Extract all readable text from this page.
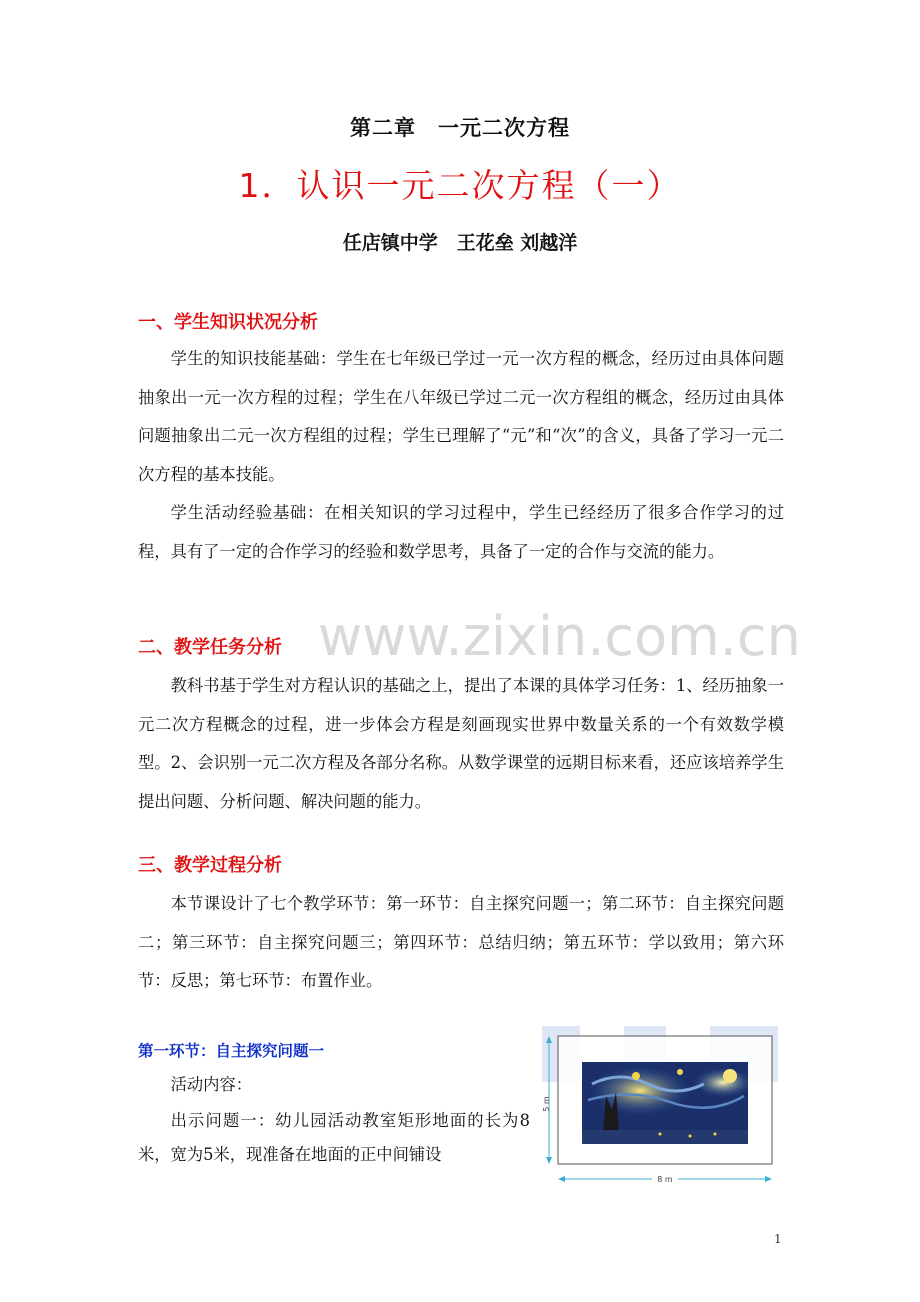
第二章　一元二次方程
1．认识一元二次方程（一）
任店镇中学　王花垒 刘越洋
一、学生知识状况分析
学生的知识技能基础：学生在七年级已学过一元一次方程的概念，经历过由具体问题抽象出一元一次方程的过程；学生在八年级已学过二元一次方程组的概念，经历过由具体问题抽象出二元一次方程组的过程；学生已理解了“元”和“次”的含义，具备了学习一元二次方程的基本技能。
学生活动经验基础：在相关知识的学习过程中，学生已经经历了很多合作学习的过程，具有了一定的合作学习的经验和数学思考，具备了一定的合作与交流的能力。
www.zixin.com.cn
二、教学任务分析
教科书基于学生对方程认识的基础之上，提出了本课的具体学习任务：1、经历抽象一元二次方程概念的过程，进一步体会方程是刻画现实世界中数量关系的一个有效数学模型。2、会识别一元二次方程及各部分名称。从数学课堂的远期目标来看，还应该培养学生提出问题、分析问题、解决问题的能力。
三、教学过程分析
本节课设计了七个教学环节：第一环节：自主探究问题一；第二环节：自主探究问题二；第三环节：自主探究问题三；第四环节：总结归纳；第五环节：学以致用；第六环节：反思；第七环节：布置作业。
第一环节：自主探究问题一
活动内容：
出示问题一：幼儿园活动教室矩形地面的长为8米，宽为5米，现准备在地面的正中间铺设
5 m
8 m
1
